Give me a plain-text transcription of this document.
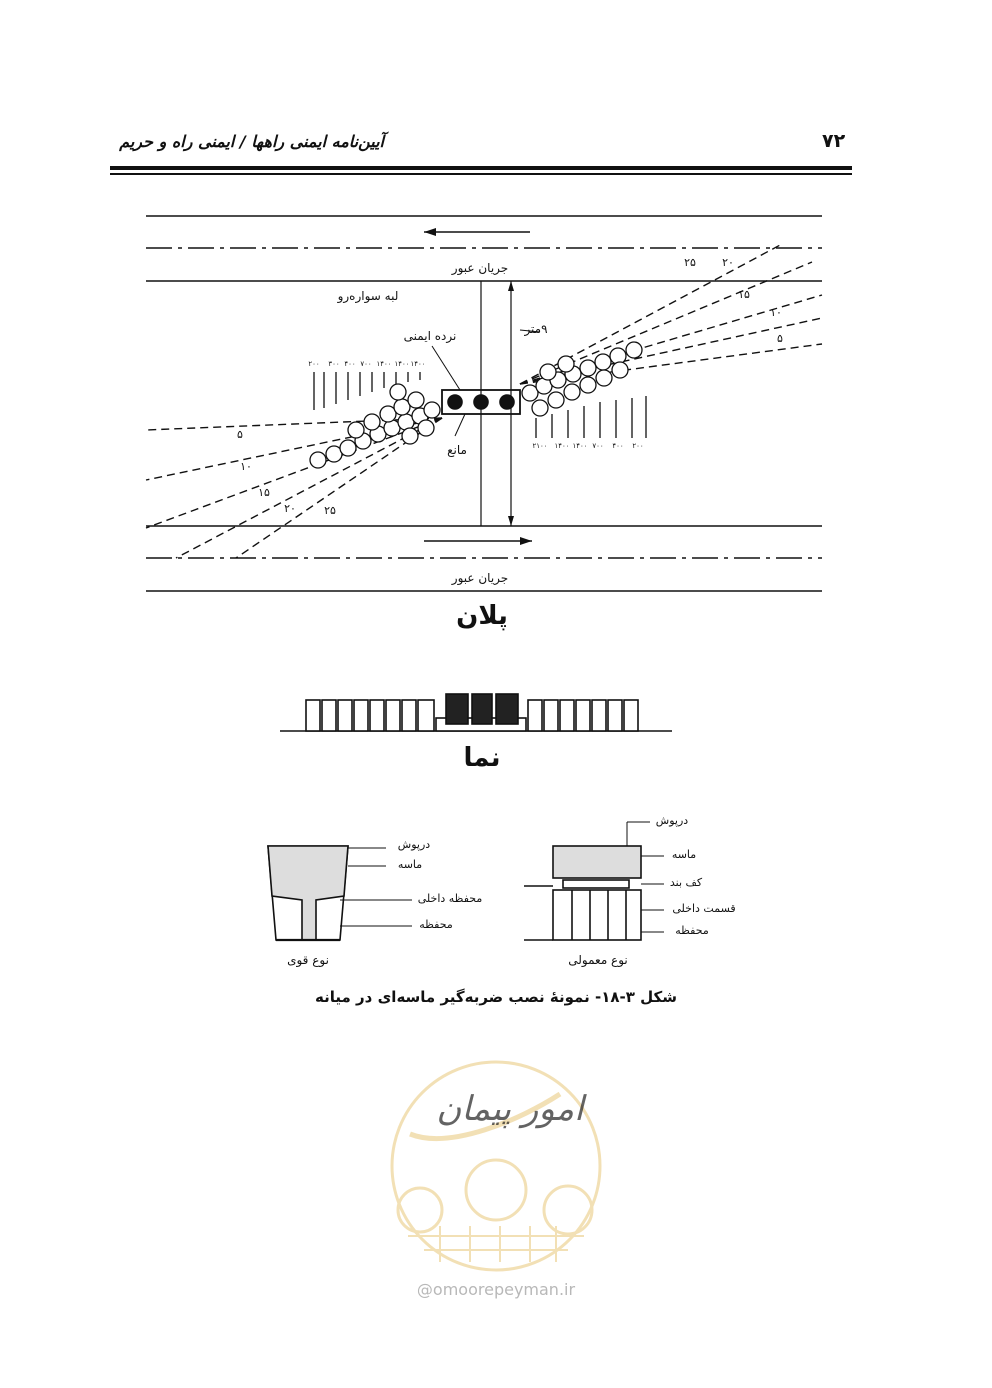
آیین‌نامه ایمنی راهها / ایمنی راه و حریم	۷۲
جریان عبور
جریان عبور
لبه سواره‌رو
نرده ایمنی	۹متر
مانع
۲۵ ۲۰
۱۵
۱۰
۵
۵
۱۰
۱۵
۲۰	۲۵
۲۰۰ ۳۰۰ ۴۰۰ ۷۰۰ ۱۴۰۰ ۱۴۰۰ ۱۴۰۰
۲۱۰۰ ۱۴۰۰ ۱۴۰۰ ۷۰۰ ۴۰۰ ۲۰۰
پلان
نما
درپوش
ماسه
محفظه داخلی
محفظه
نوع قوی
درپوش
ماسه
کف بند
قسمت داخلی
محفظه
نوع معمولی
امور پیمان
شکل ۳-۱۸- نمونهٔ نصب ضربه‌گیر ماسه‌ای در میانه
@omoorepeyman.ir
